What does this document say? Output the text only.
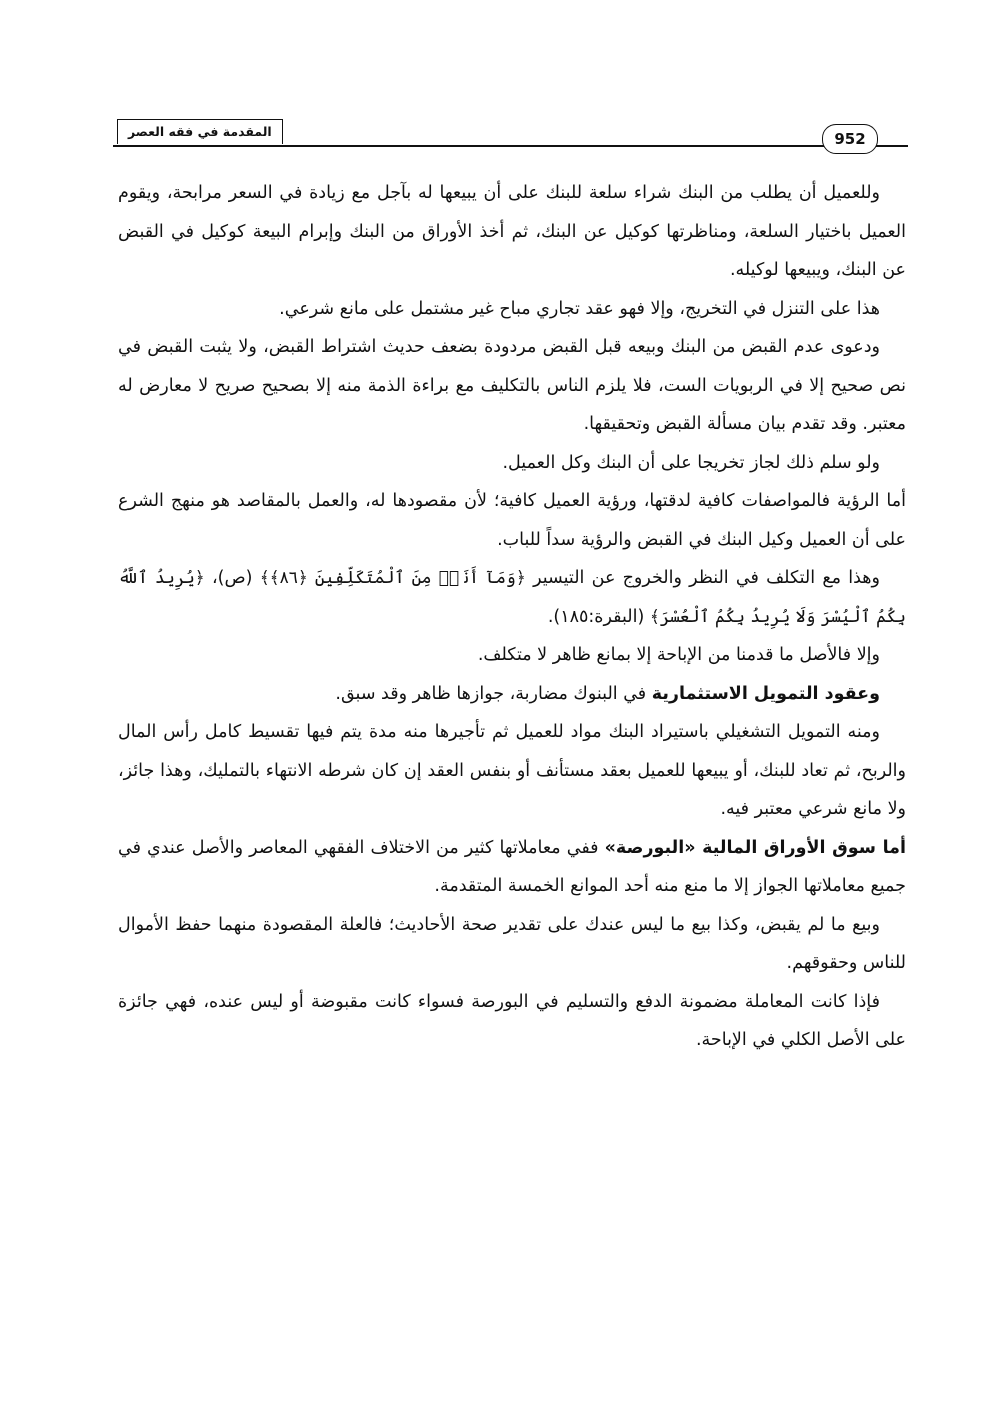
المقدمة في فقه العصر	952

وللعميل أن يطلب من البنك شراء سلعة للبنك على أن يبيعها له بآجل مع زيادة في السعر مرابحة، ويقوم العميل باختيار السلعة، ومناظرتها كوكيل عن البنك، ثم أخذ الأوراق من البنك وإبرام البيعة كوكيل في القبض عن البنك، ويبيعها لوكيله.

هذا على التنزل في التخريج، وإلا فهو عقد تجاري مباح غير مشتمل على مانع شرعي.

ودعوى عدم القبض من البنك وبيعه قبل القبض مردودة بضعف حديث اشتراط القبض، ولا يثبت القبض في نص صحيح إلا في الربويات الست، فلا يلزم الناس بالتكليف مع براءة الذمة منه إلا بصحيح صريح لا معارض له معتبر. وقد تقدم بيان مسألة القبض وتحقيقها.

ولو سلم ذلك لجاز تخريجا على أن البنك وكل العميل.

أما الرؤية فالمواصفات كافية لدقتها، ورؤية العميل كافية؛ لأن مقصودها له، والعمل بالمقاصد هو منهج الشرع على أن العميل وكيل البنك في القبض والرؤية سداً للباب.

وهذا مع التكلف في النظر والخروج عن التيسير ﴿وَمَآ أَنَا۠ مِنَ ٱلْمُتَكَلِّفِينَ ﴿٨٦﴾﴾ (ص)، ﴿يُرِيدُ ٱللَّهُ بِكُمُ ٱلْيُسْرَ وَلَا يُرِيدُ بِكُمُ ٱلْعُسْرَ﴾ (البقرة:١٨٥).

وإلا فالأصل ما قدمنا من الإباحة إلا بمانع ظاهر لا متكلف.

وعقود التمويل الاستثمارية في البنوك مضاربة، جوازها ظاهر وقد سبق.

ومنه التمويل التشغيلي باستيراد البنك مواد للعميل ثم تأجيرها منه مدة يتم فيها تقسيط كامل رأس المال والربح، ثم تعاد للبنك، أو يبيعها للعميل بعقد مستأنف أو بنفس العقد إن كان شرطه الانتهاء بالتمليك، وهذا جائز، ولا مانع شرعي معتبر فيه.

أما سوق الأوراق المالية «البورصة» ففي معاملاتها كثير من الاختلاف الفقهي المعاصر والأصل عندي في جميع معاملاتها الجواز إلا ما منع منه أحد الموانع الخمسة المتقدمة.

وبيع ما لم يقبض، وكذا بيع ما ليس عندك على تقدير صحة الأحاديث؛ فالعلة المقصودة منهما حفظ الأموال للناس وحقوقهم.

فإذا كانت المعاملة مضمونة الدفع والتسليم في البورصة فسواء كانت مقبوضة أو ليس عنده، فهي جائزة على الأصل الكلي في الإباحة.
